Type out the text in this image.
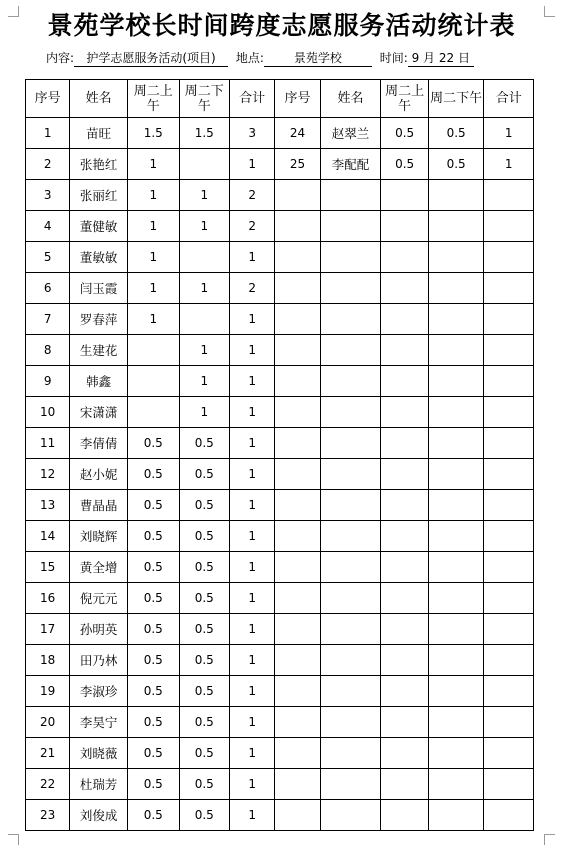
景苑学校长时间跨度志愿服务活动统计表
内容: 护学志愿服务活动(项目) 地点: 景苑学校	时间: 9 月 22 日
序号	姓名	周二上午	周二下午	合计	序号	姓名	周二上午	周二下午	合计
1	苗旺	1.5	1.5	3	24	赵翠兰	0.5	0.5	1
2	张艳红	1		1	25	李配配	0.5	0.5	1
3	张丽红	1	1	2					
4	董健敏	1	1	2					
5	董敏敏	1		1					
6	闫玉霞	1	1	2					
7	罗春萍	1		1					
8	生建花		1	1					
9	韩鑫		1	1					
10	宋潇潇		1	1					
11	李倩倩	0.5	0.5	1					
12	赵小妮	0.5	0.5	1					
13	曹晶晶	0.5	0.5	1					
14	刘晓辉	0.5	0.5	1					
15	黄全增	0.5	0.5	1					
16	倪元元	0.5	0.5	1					
17	孙明英	0.5	0.5	1					
18	田乃林	0.5	0.5	1					
19	李淑珍	0.5	0.5	1					
20	李昊宁	0.5	0.5	1					
21	刘晓薇	0.5	0.5	1					
22	杜瑞芳	0.5	0.5	1					
23	刘俊成	0.5	0.5	1					
